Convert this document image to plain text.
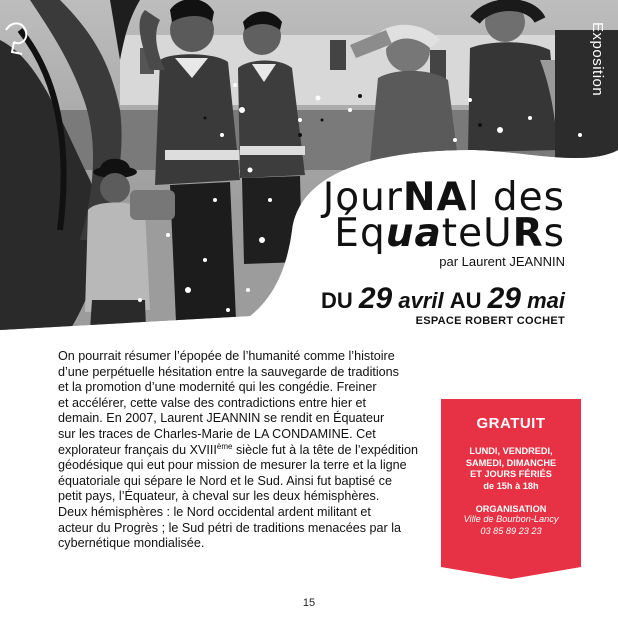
Exposition
JourNAl des
ÉquateURs
par Laurent JEANNIN
DU 29 avril AU 29 mai
ESPACE ROBERT COCHET

On pourrait résumer l’épopée de l’humanité comme l’histoire

d’une perpétuelle hésitation entre la sauvegarde de traditions

et la promotion d’une modernité qui les congédie. Freiner

et accélérer, cette valse des contradictions entre hier et

demain. En 2007, Laurent JEANNIN se rendit en Équateur

sur les traces de Charles-Marie de LA CONDAMINE. Cet

explorateur français du XVIIIème siècle fut à la tête de l’expédition

géodésique qui eut pour mission de mesurer la terre et la ligne

équatoriale qui sépare le Nord et le Sud. Ainsi fut baptisé ce

petit pays, l’Équateur, à cheval sur les deux hémisphères.

Deux hémisphères : le Nord occidental ardent militant et

acteur du Progrès ; le Sud pétri de traditions menacées par la

cybernétique mondialisée.

GRATUIT
LUNDI, VENDREDI,
SAMEDI, DIMANCHE
ET JOURS FÉRIÉS
de 15h à 18h
ORGANISATION
Ville de Bourbon-Lancy
03 85 89 23 23
15
